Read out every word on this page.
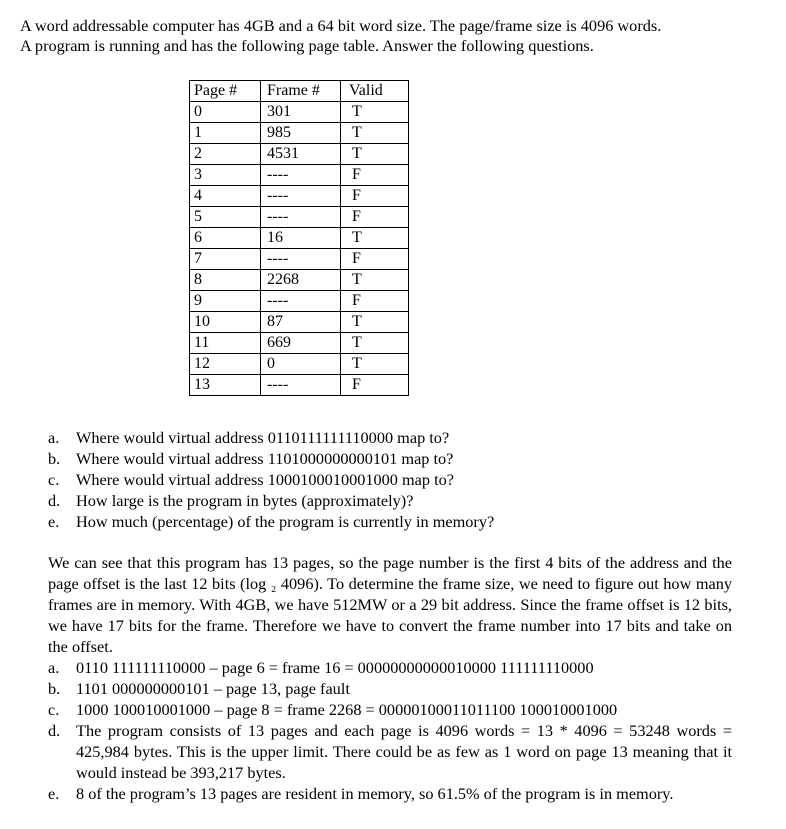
A word addressable computer has 4GB and a 64 bit word size. The page/frame size is 4096 words.

A program is running and has the following page table. Answer the following questions.

Page #	Frame #	Valid
0	301	T
1	985	T
2	4531	T
3	----	F
4	----	F
5	----	F
6	16	T
7	----	F
8	2268	T
9	----	F
10	87	T
11	669	T
12	0	T
13	----	F
a.	Where would virtual address 0110111111110000 map to?
b. Where would virtual address 1101000000000101 map to?
c.	Where would virtual address 1000100010001000 map to?
d. How large is the program in bytes (approximately)?
e.	How much (percentage) of the program is currently in memory?

We can see that this program has 13 pages, so the page number is the first 4 bits of the address and the page offset is the last 12 bits (log ₂ 4096). To determine the frame size, we need to figure out how many frames are in memory. With 4GB, we have 512MW or a 29 bit address. Since the frame offset is 12 bits, we have 17 bits for the frame. Therefore we have to convert the frame number into 17 bits and take on the offset.

a.	0110 111111110000 – page 6 = frame 16 = 00000000000010000 111111110000
b. 1101 000000000101 – page 13, page fault
c.	1000 100010001000 – page 8 = frame 2268 = 00000100011011100 100010001000
d. The program consists of 13 pages and each page is 4096 words = 13 * 4096 = 53248 words = 425,984 bytes. This is the upper limit. There could be as few as 1 word on page 13 meaning that it would instead be 393,217 bytes.
e.	8 of the program’s 13 pages are resident in memory, so 61.5% of the program is in memory.
